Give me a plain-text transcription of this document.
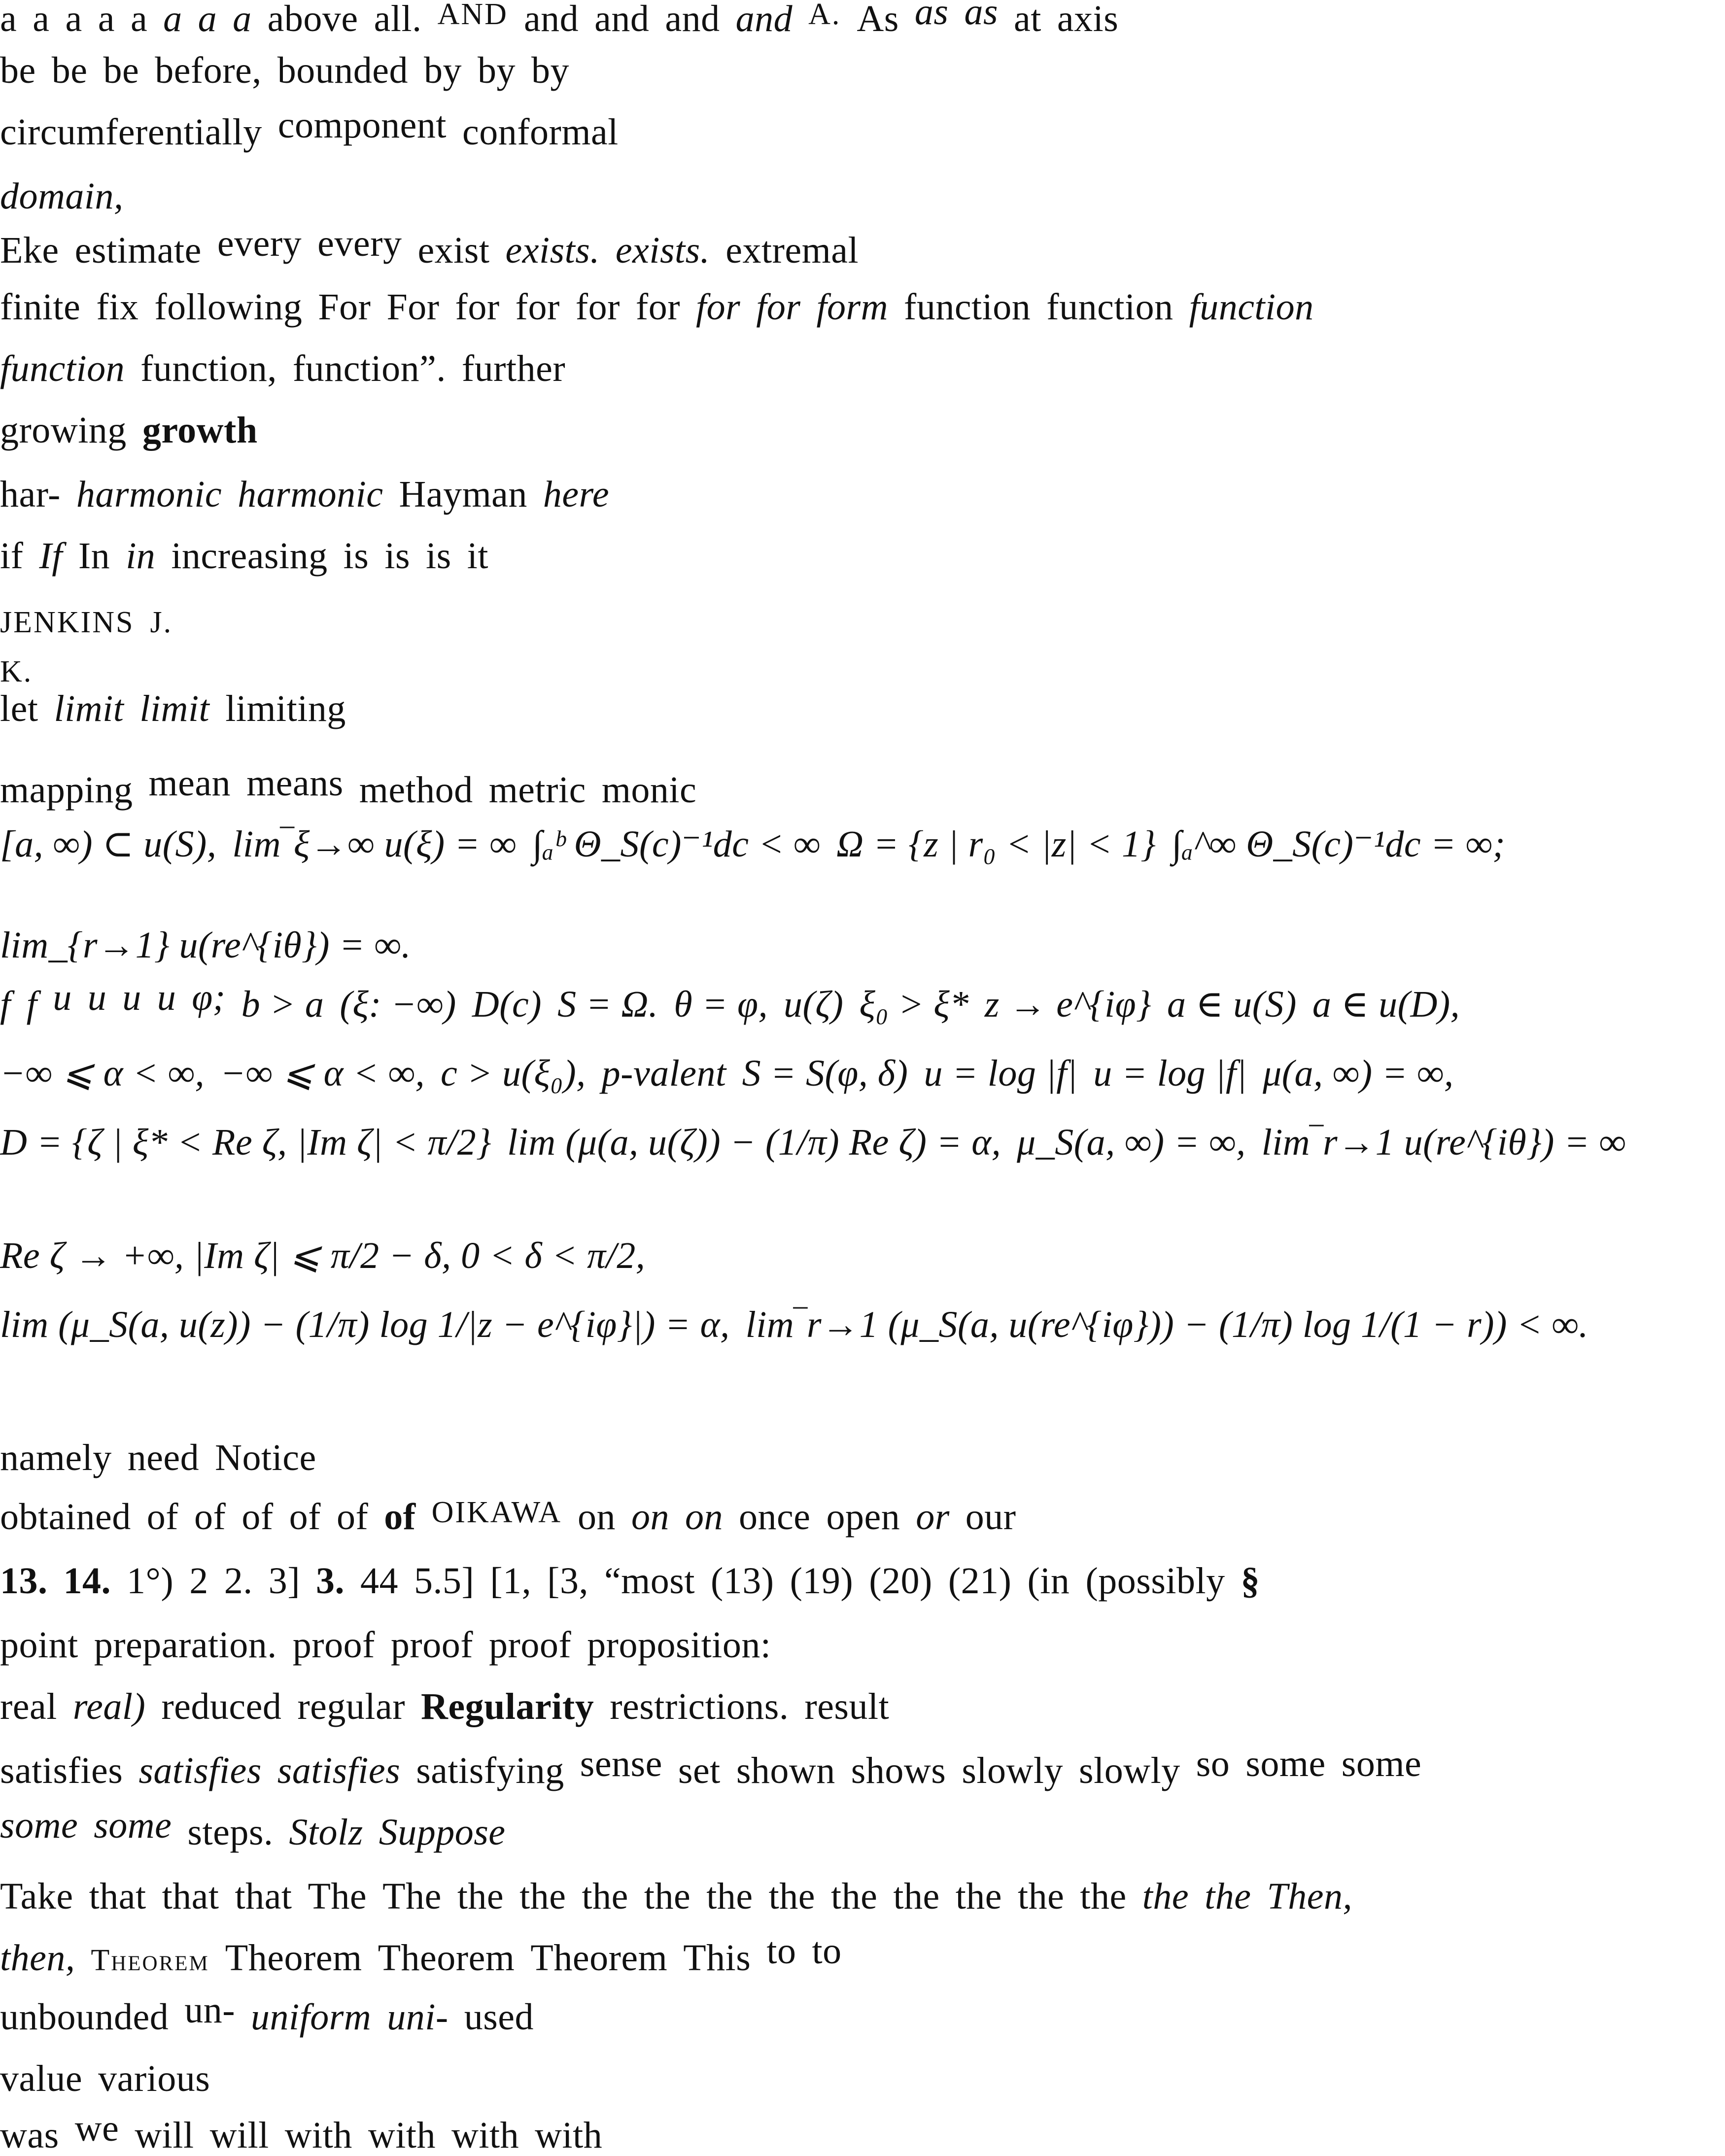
a a a a a a a a above all. AND and and and and A. As as as at axis
be be be before, bounded by by by
circumferentially component conformal
domain,
Eke estimate every every exist exists. exists. extremal
finite fix following For For for for for for for for form function function function
function function, function”. further
growing growth
har- harmonic harmonic Hayman here
if If In in increasing is is is it
JENKINS J.
K.
let limit limit limiting
mapping mean means method metric monic
[a, ∞) ⊂ u(S), lim‾ξ→∞ u(ξ) = ∞ ∫ₐᵇ Θ_S(c)⁻¹dc < ∞ Ω = {z | r₀ < |z| < 1} ∫ₐ^∞ Θ_S(c)⁻¹dc = ∞;
lim_{r→1} u(re^{iθ}) = ∞.
f f u u u u φ; b > a (ξ: −∞) D(c) S = Ω. θ = φ, u(ζ) ξ₀ > ξ* z → e^{iφ} a ∈ u(S) a ∈ u(D),
−∞ ⩽ α < ∞, −∞ ⩽ α < ∞, c > u(ξ₀), p-valent S = S(φ, δ) u = log |f| u = log |f| μ(a, ∞) = ∞,
D = {ζ | ξ* < Re ζ, |Im ζ| < π/2} lim (μ(a, u(ζ)) − (1/π) Re ζ) = α, μ_S(a, ∞) = ∞, lim‾r→1 u(re^{iθ}) = ∞
Re ζ → +∞, |Im ζ| ⩽ π/2 − δ, 0 < δ < π/2,
lim (μ_S(a, u(z)) − (1/π) log 1/|z − e^{iφ}|) = α, lim‾r→1 (μ_S(a, u(re^{iφ})) − (1/π) log 1/(1 − r)) < ∞.
namely need Notice
obtained of of of of of of OIKAWA on on on once open or our
13. 14. 1°) 2 2. 3] 3. 44 5.5] [1, [3, “most (13) (19) (20) (21) (in (possibly §
point preparation. proof proof proof proposition:
real real) reduced regular Regularity restrictions. result
satisfies satisfies satisfies satisfying sense set shown shows slowly slowly so some some
some some steps. Stolz Suppose
Take that that that The The the the the the the the the the the the the the the Then,
then, Theorem Theorem Theorem Theorem This to to
unbounded un- uniform uni- used
value various
was we will will with with with with
